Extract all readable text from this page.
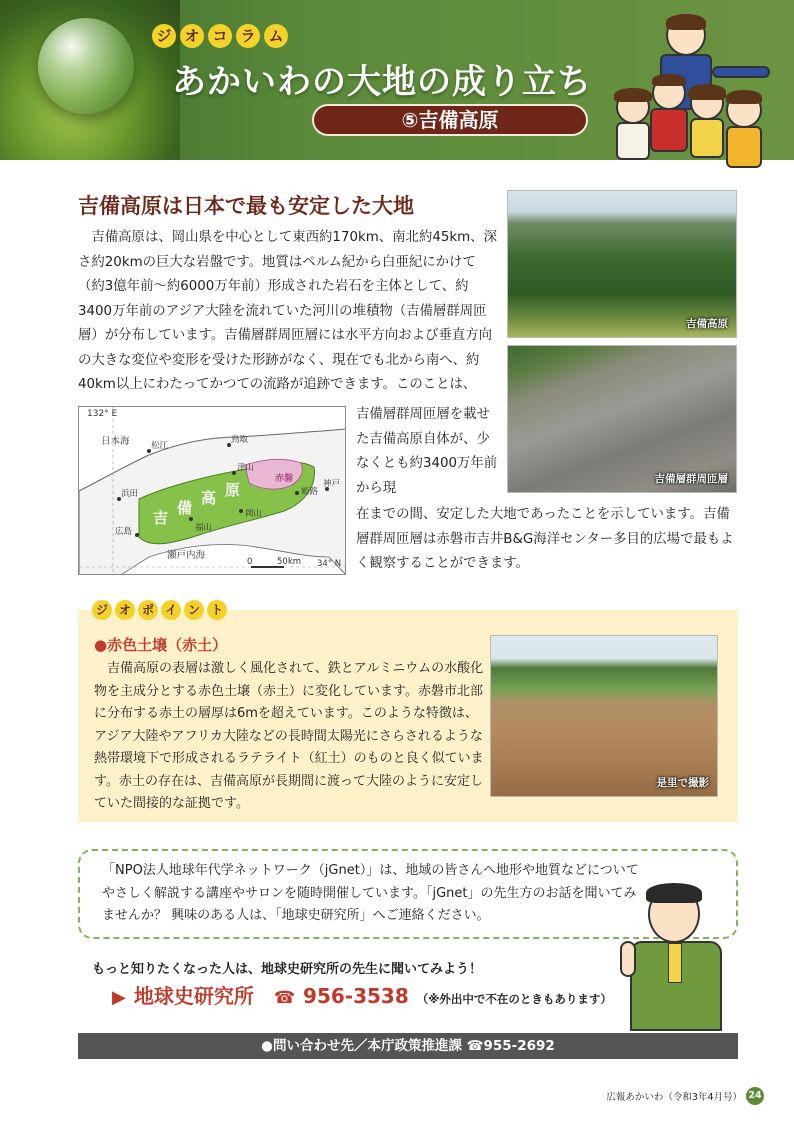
ジ オ コ ラ ム
あかいわの大地の成り立ち
⑤吉備高原
吉備高原は日本で最も安定した大地
　吉備高原は、岡山県を中心として東西約170km、南北約45km、深さ約20kmの巨大な岩盤です。地質はペルム紀から白亜紀にかけて（約3億年前～約6000万年前）形成された岩石を主体として、約3400万年前のアジア大陸を流れていた河川の堆積物（吉備層群周匝層）が分布しています。吉備層群周匝層には水平方向および垂直方向の大きな変位や変形を受けた形跡がなく、現在でも北から南へ、約40km以上にわたってかつての流路が追跡できます。このことは、
吉備層群周匝層を載せた吉備高原自体が、少なくとも約3400万年前から現
在までの間、安定した大地であったことを示しています。吉備層群周匝層は赤磐市吉井B&G海洋センター多目的広場で最もよく観察することができます。
吉備高原
吉備層群周匝層
132° E
34° N
日本海
瀬戸内海
吉
備
高 原
赤磐
松江
鳥取
浜田
津山
姫路
神戸
岡山
広島	福山
0	50km
ジ オ ポ イ ン ト
●赤色土壌（赤土）
　吉備高原の表層は激しく風化されて、鉄とアルミニウムの水酸化物を主成分とする赤色土壌（赤土）に変化しています。赤磐市北部に分布する赤土の層厚は6mを超えています。このような特徴は、アジア大陸やアフリカ大陸などの長時間太陽光にさらされるような熱帯環境下で形成されるラテライト（紅土）のものと良く似ています。赤土の存在は、吉備高原が長期間に渡って大陸のように安定していた間接的な証拠です。
是里で撮影
「NPO法人地球年代学ネットワーク（jGnet）」は、地域の皆さんへ地形や地質などについてやさしく解説する講座やサロンを随時開催しています。「jGnet」の先生方のお話を聞いてみませんか？ 興味のある人は、「地球史研究所」へご連絡ください。
もっと知りたくなった人は、地球史研究所の先生に聞いてみよう！
▶ 地球史研究所 ☎ 956-3538 （※外出中で不在のときもあります）
●問い合わせ先／本庁政策推進課 ☎955-2692
広報あかいわ（令和3年4月号） 24
